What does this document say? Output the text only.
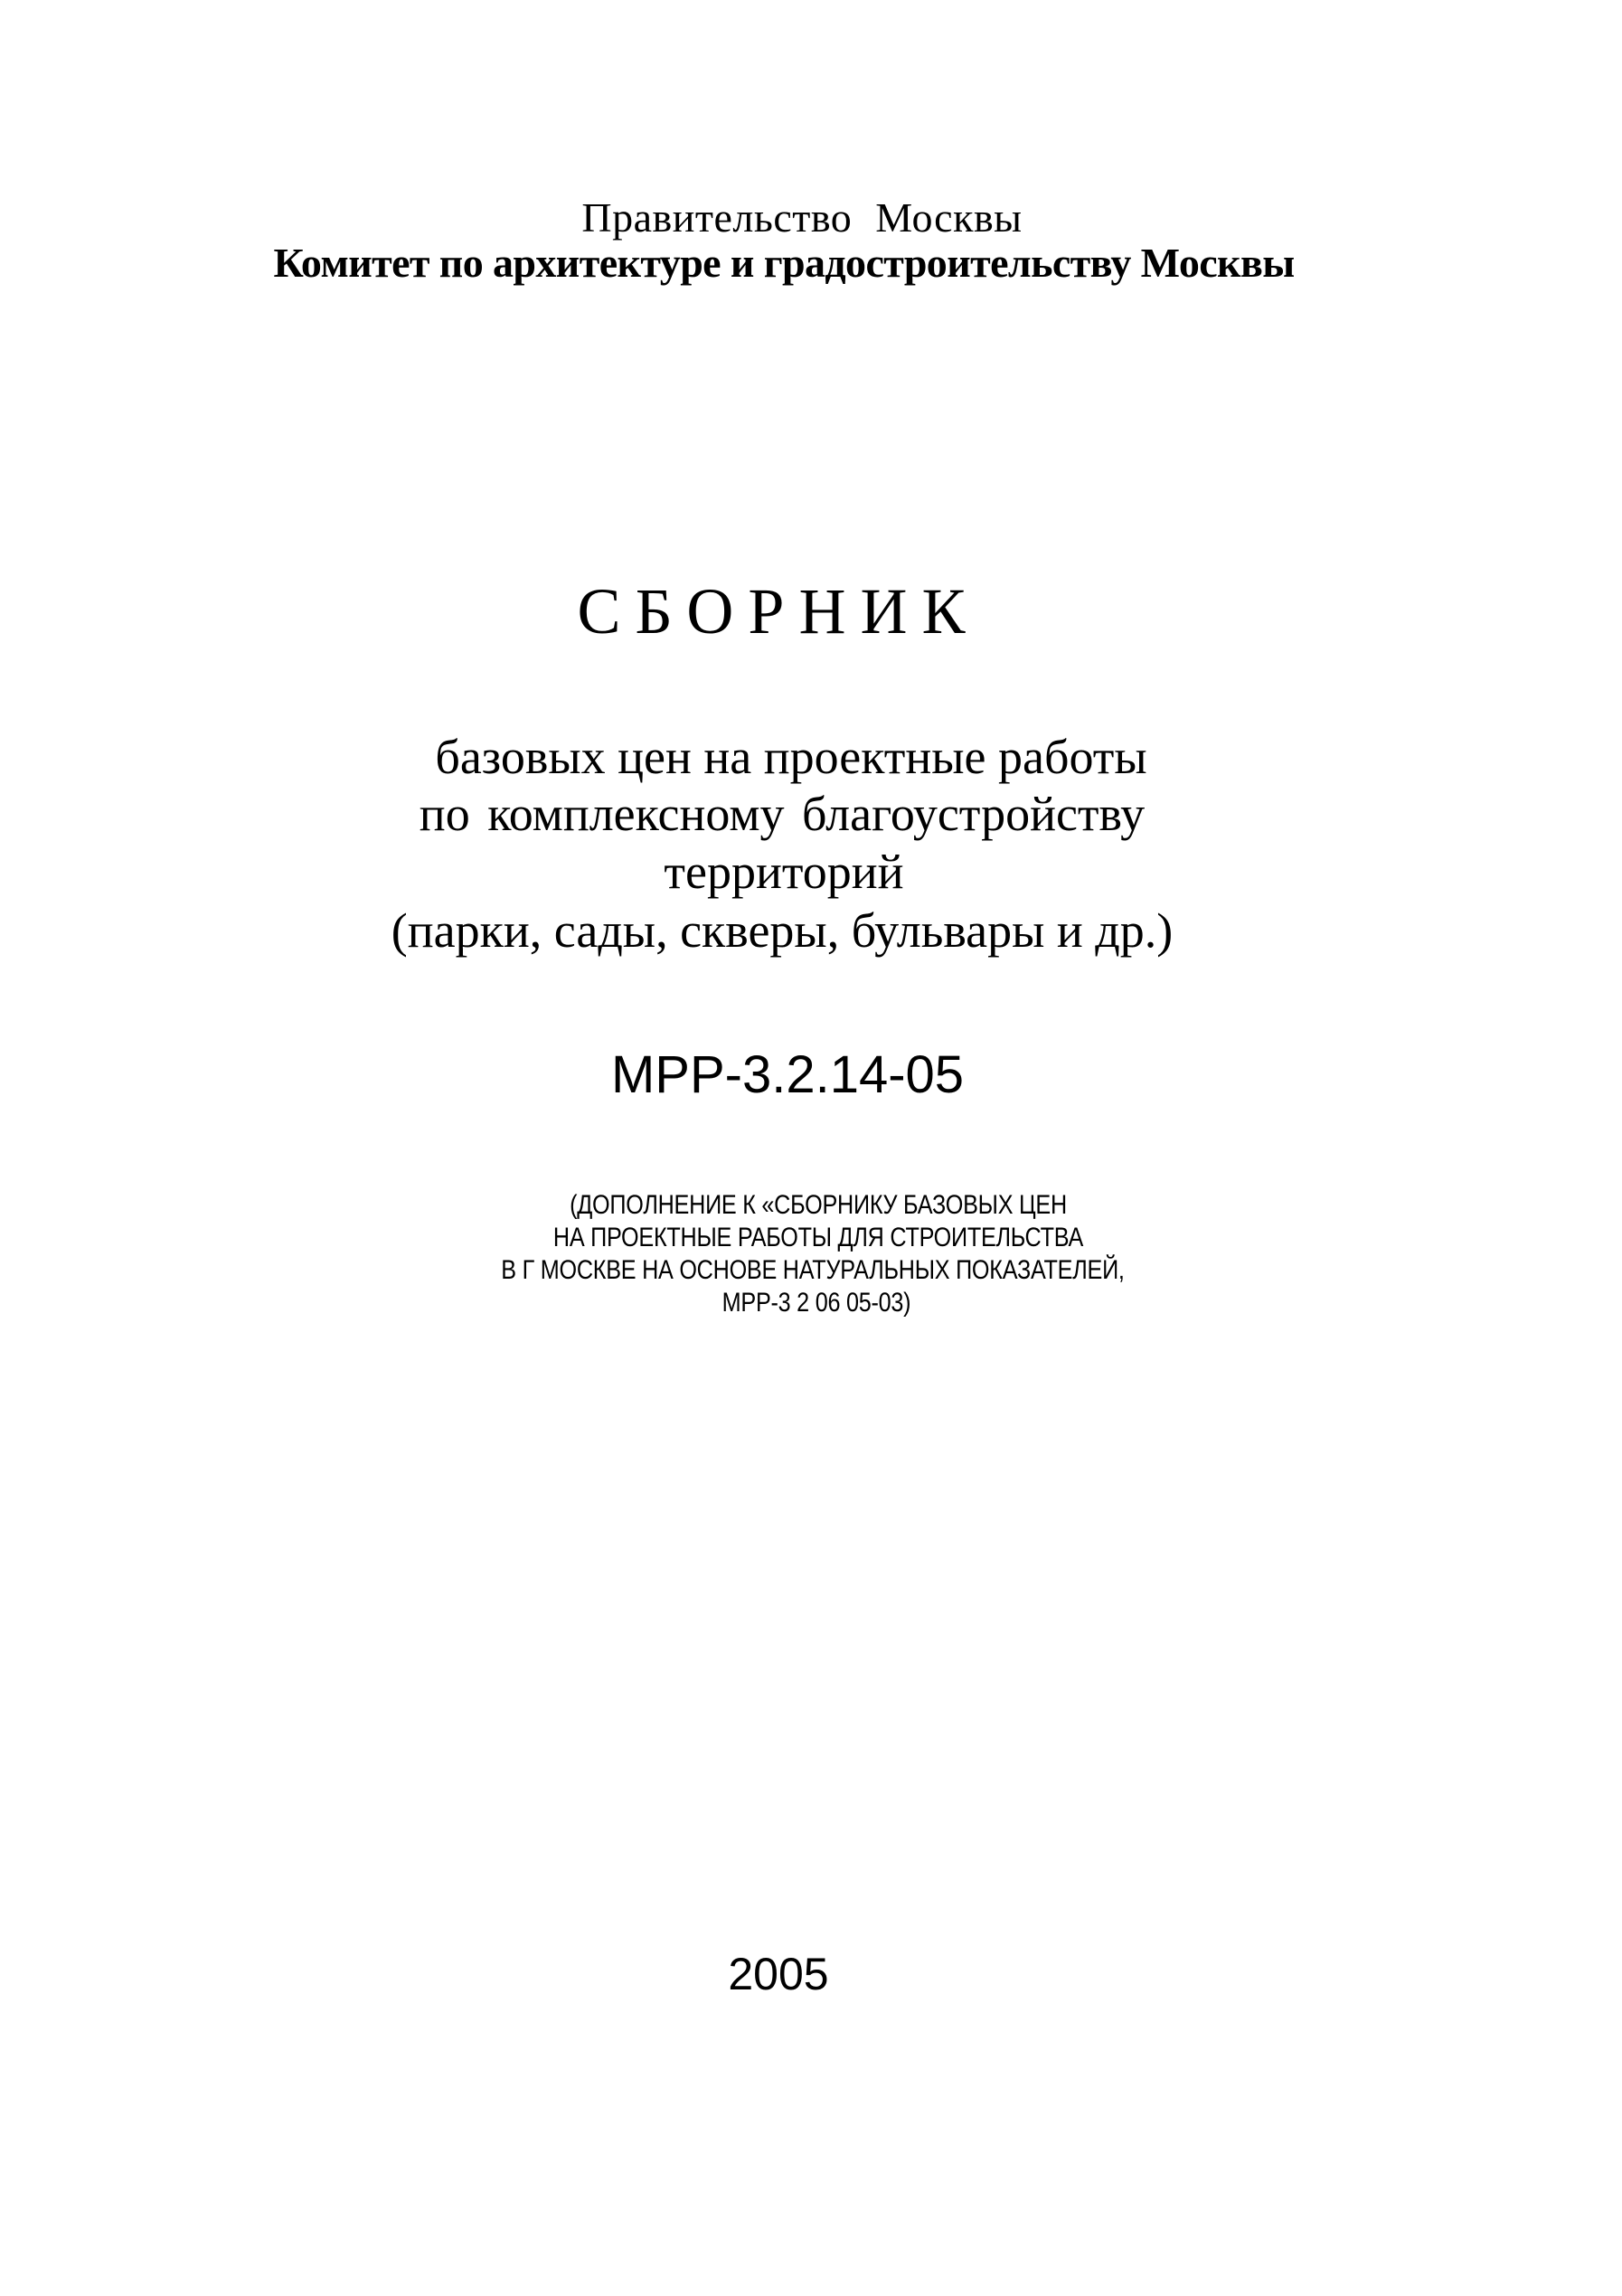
Правительство Москвы
Комитет по архитектуре и градостроительству Москвы
СБОРНИК
базовых цен на проектные работы
по комплексному благоустройству
территорий
(парки, сады, скверы, бульвары и др.)
МРР-3.2.14-05
(ДОПОЛНЕНИЕ К «СБОРНИКУ БАЗОВЫХ ЦЕН
НА ПРОЕКТНЫЕ РАБОТЫ ДЛЯ СТРОИТЕЛЬСТВА
В Г МОСКВЕ НА ОСНОВЕ НАТУРАЛЬНЫХ ПОКАЗАТЕЛЕЙ,
МРР-3 2 06 05-03)
2005
